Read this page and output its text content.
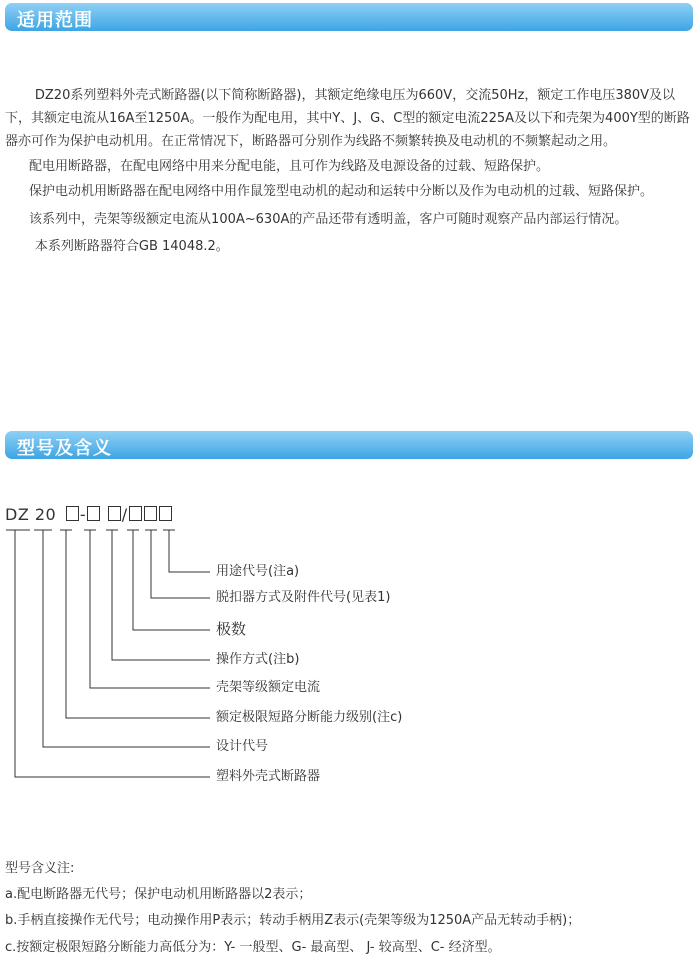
适用范围

DZ20系列塑料外壳式断路器(以下简称断路器)，其额定绝缘电压为660V，交流50Hz，额定工作电压380V及以下，其额定电流从16A至1250A。一般作为配电用，其中Y、J、G、C型的额定电流225A及以下和壳架为400Y型的断路器亦可作为保护电动机用。在正常情况下，断路器可分别作为线路不频繁转换及电动机的不频繁起动之用。

配电用断路器，在配电网络中用来分配电能，且可作为线路及电源设备的过载、短路保护。

保护电动机用断路器在配电网络中用作鼠笼型电动机的起动和运转中分断以及作为电动机的过载、短路保护。

该系列中，壳架等级额定电流从100A~630A的产品还带有透明盖，客户可随时观察产品内部运行情况。

本系列断路器符合GB 14048.2。

型号及含义
DZ 20 - /
用途代号(注a)
脱扣器方式及附件代号(见表1)
极数
操作方式(注b)
壳架等级额定电流
额定极限短路分断能力级别(注c)
设计代号
塑料外壳式断路器
型号含义注:
a.配电断路器无代号；保护电动机用断路器以2表示；
b.手柄直接操作无代号；电动操作用P表示；转动手柄用Z表示(壳架等级为1250A产品无转动手柄)；
c.按额定极限短路分断能力高低分为：Y- 一般型、G- 最高型、 J- 较高型、C- 经济型。
